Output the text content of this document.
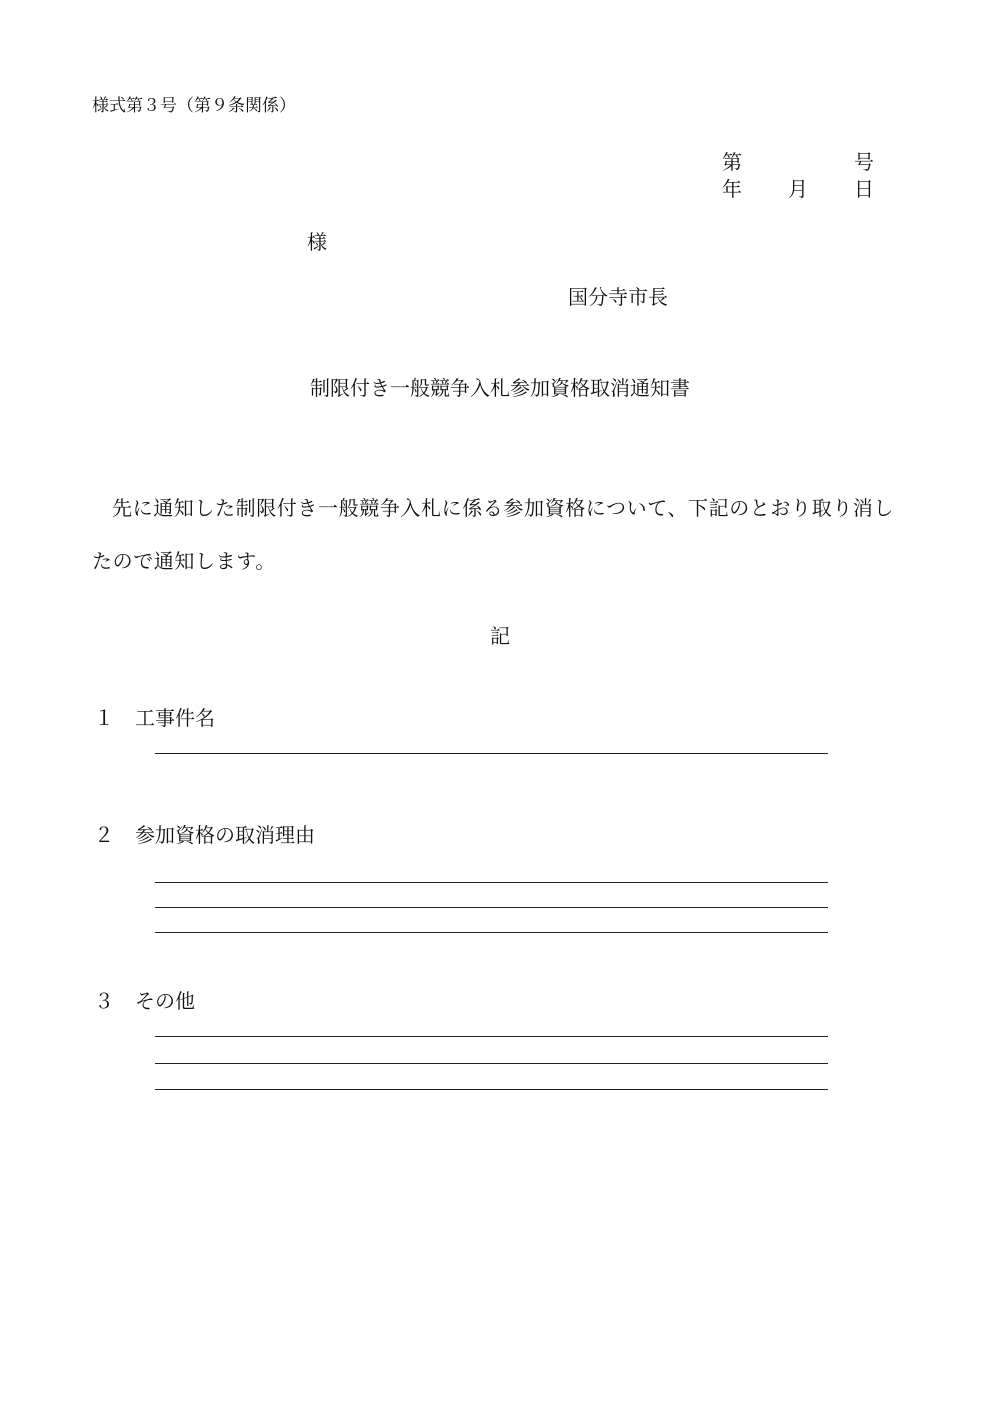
様式第３号（第９条関係）
第	号
年 月 日
様
国分寺市長
制限付き一般競争入札参加資格取消通知書
先に通知した制限付き一般競争入札に係る参加資格について、下記のとおり取り消したので通知します。
記
１ 工事件名
２ 参加資格の取消理由
３ その他
